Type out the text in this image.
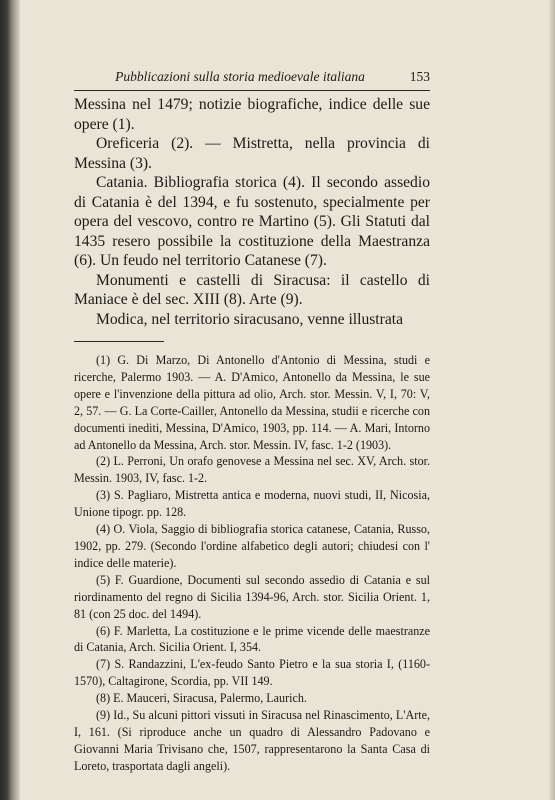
Pubblicazioni sulla storia medioevale italiana	153

Messina nel 1479; notizie biografiche, indice delle sue opere (1).

Oreficeria (2). — Mistretta, nella provincia di Messina (3).

Catania. Bibliografia storica (4). Il secondo assedio di Catania è del 1394, e fu sostenuto, specialmente per opera del vescovo, contro re Martino (5). Gli Statuti dal 1435 resero possibile la costituzione della Maestranza (6). Un feudo nel territorio Catanese (7).

Monumenti e castelli di Siracusa: il castello di Maniace è del sec. XIII (8). Arte (9).

Modica, nel territorio siracusano, venne illustrata

(1) G. Di Marzo, Di Antonello d'Antonio di Messina, studi e ricerche, Palermo 1903. — A. D'Amico, Antonello da Messina, le sue opere e l'invenzione della pittura ad olio, Arch. stor. Messin. V, I, 70: V, 2, 57. — G. La Corte-Cailler, Antonello da Messina, studii e ricerche con documenti inediti, Messina, D'Amico, 1903, pp. 114. — A. Mari, Intorno ad Antonello da Messina, Arch. stor. Messin. IV, fasc. 1-2 (1903).

(2) L. Perroni, Un orafo genovese a Messina nel sec. XV, Arch. stor. Messin. 1903, IV, fasc. 1-2.

(3) S. Pagliaro, Mistretta antica e moderna, nuovi studi, II, Nicosia, Unione tipogr. pp. 128.

(4) O. Viola, Saggio di bibliografia storica catanese, Catania, Russo, 1902, pp. 279. (Secondo l'ordine alfabetico degli autori; chiudesi con l' indice delle materie).

(5) F. Guardione, Documenti sul secondo assedio di Catania e sul riordinamento del regno di Sicilia 1394-96, Arch. stor. Sicilia Orient. 1, 81 (con 25 doc. del 1494).

(6) F. Marletta, La costituzione e le prime vicende delle maestranze di Catania, Arch. Sicilia Orient. I, 354.

(7) S. Randazzini, L'ex-feudo Santo Pietro e la sua storia I, (1160-1570), Caltagirone, Scordia, pp. VII 149.

(8) E. Mauceri, Siracusa, Palermo, Laurich.

(9) Id., Su alcuni pittori vissuti in Siracusa nel Rinascimento, L'Arte, I, 161. (Si riproduce anche un quadro di Alessandro Padovano e Giovanni Maria Trivisano che, 1507, rappresentarono la Santa Casa di Loreto, trasportata dagli angeli).
